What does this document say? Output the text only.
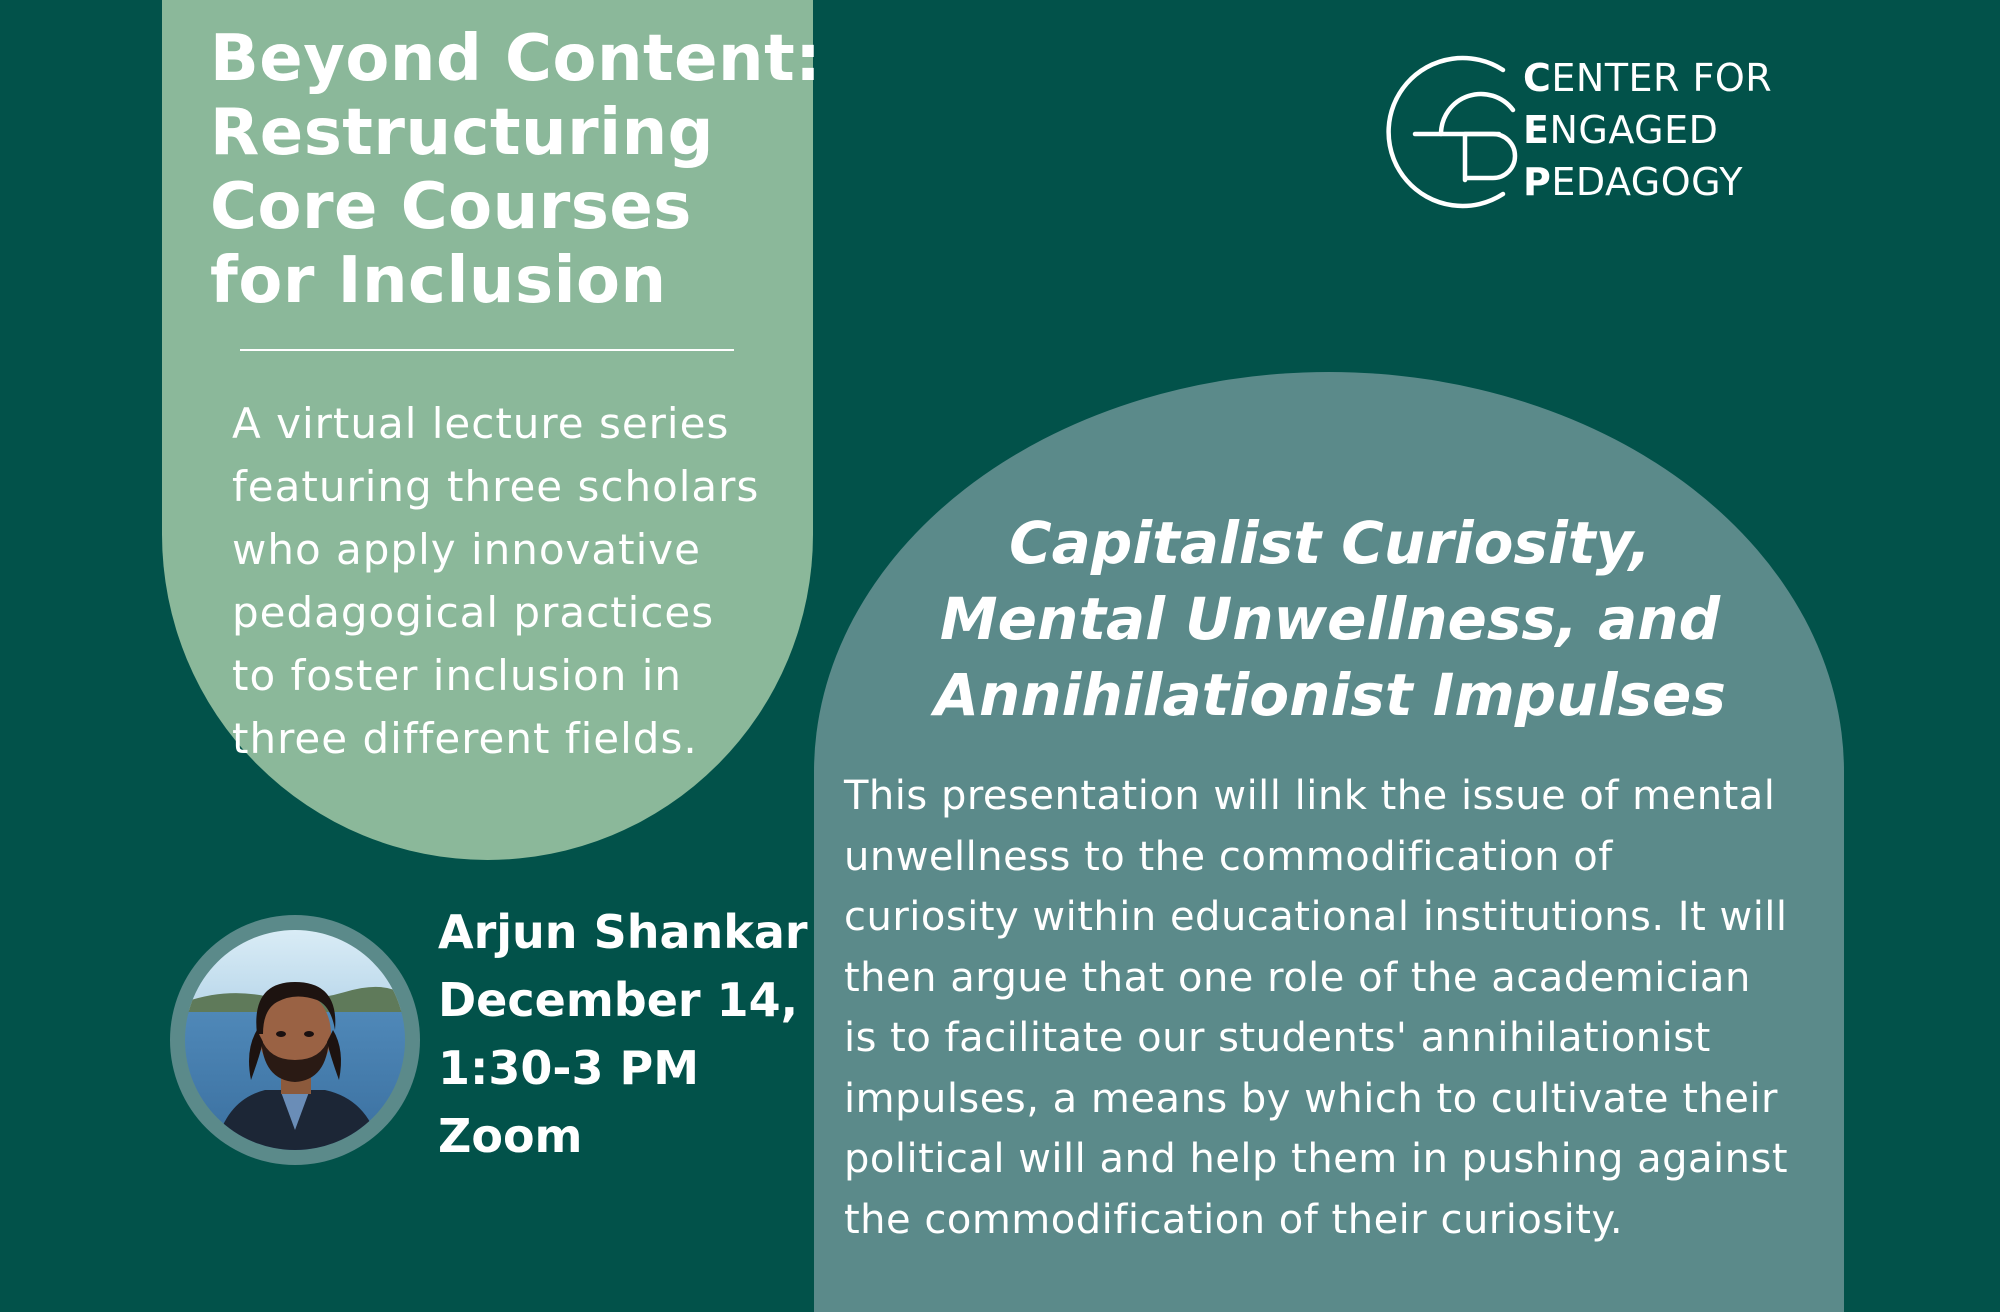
Beyond Content:
Restructuring
Core Courses
for Inclusion
A virtual lecture series
featuring three scholars
who apply innovative
pedagogical practices
to foster inclusion in
three different fields.
CENTER FOR
ENGAGED
PEDAGOGY
Arjun Shankar
December 14,
1:30-3 PM
Zoom
Capitalist Curiosity,
Mental Unwellness, and
Annihilationist Impulses
This presentation will link the issue of mental
unwellness to the commodification of
curiosity within educational institutions. It will
then argue that one role of the academician
is to facilitate our students' annihilationist
impulses, a means by which to cultivate their
political will and help them in pushing against
the commodification of their curiosity.
